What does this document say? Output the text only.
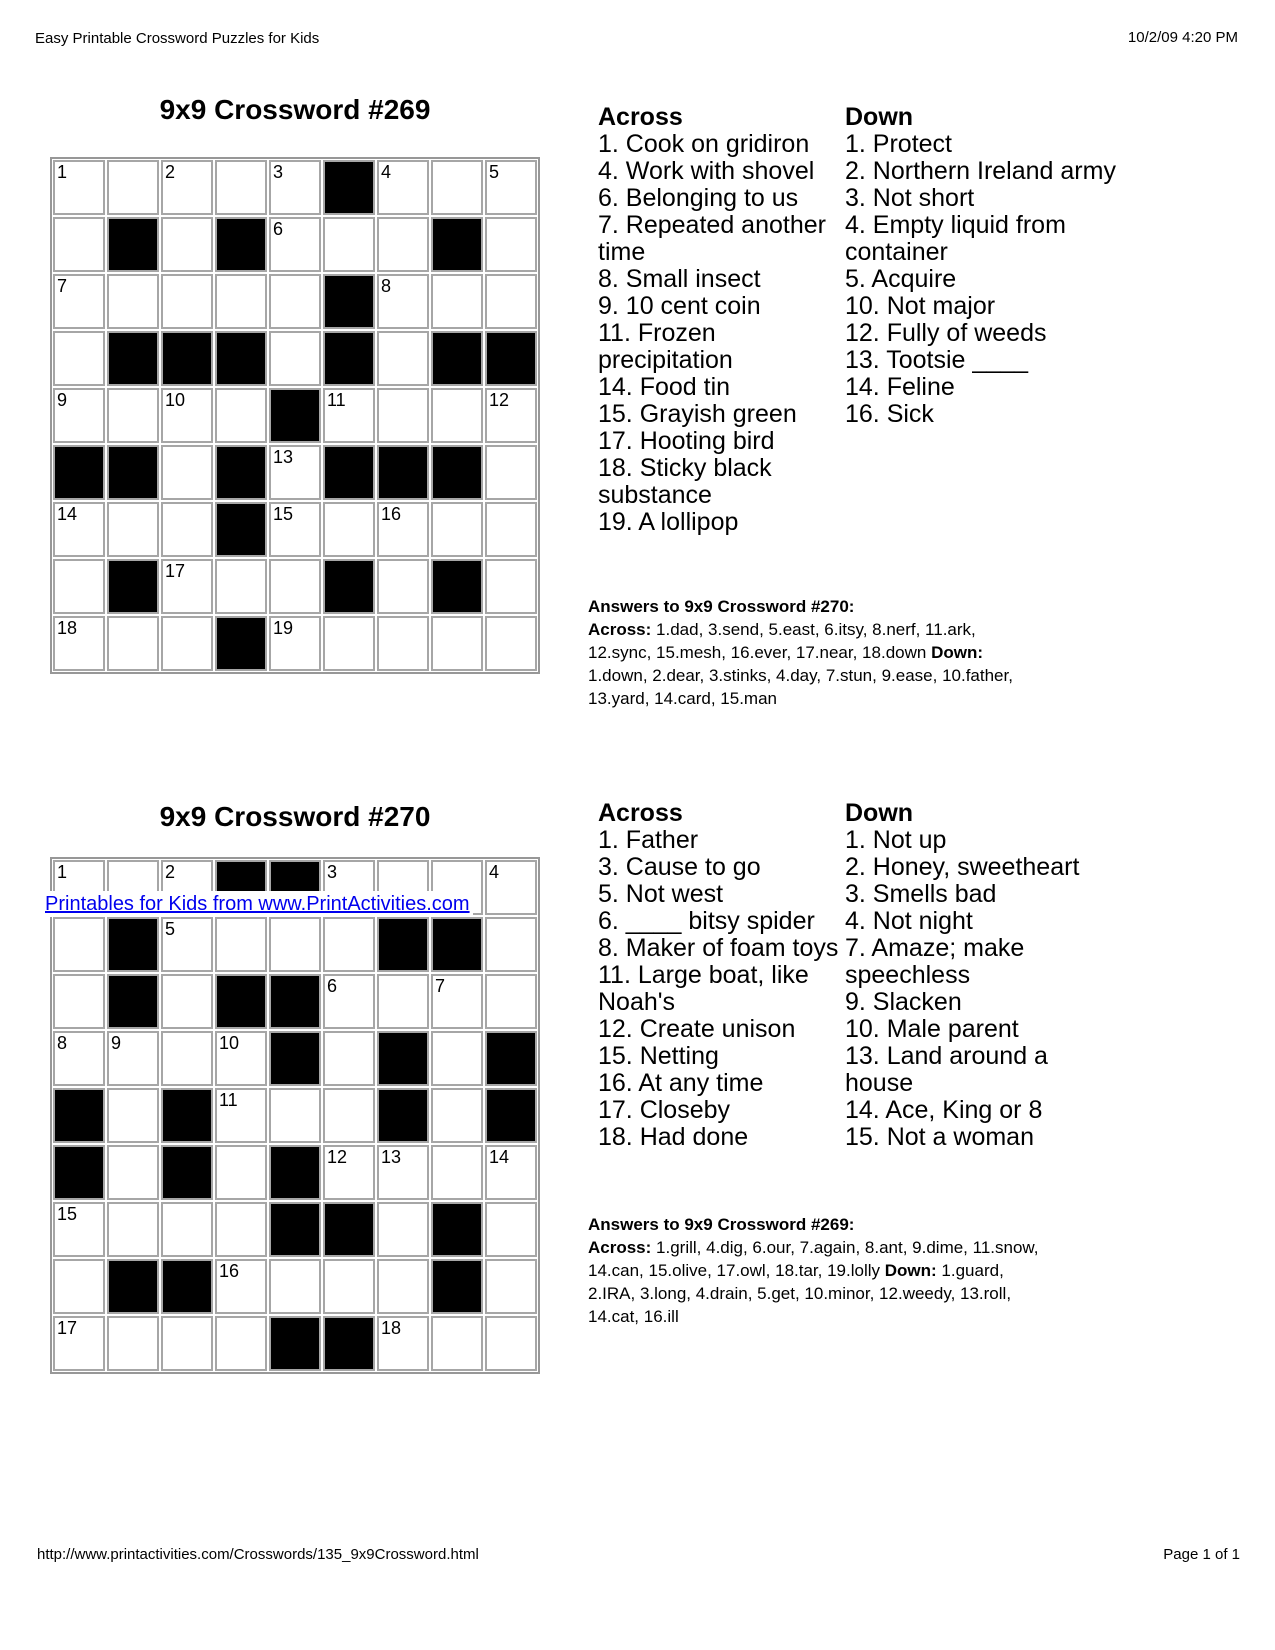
Easy Printable Crossword Puzzles for Kids	10/2/09 4:20 PM
9x9 Crossword #269
1	2	3	4	5
6
7	8
9	10	11	12
13
14	15	16
17
18	19
Across
1. Cook on gridiron
4. Work with shovel
6. Belonging to us
7. Repeated another time
8. Small insect
9. 10 cent coin
11. Frozen precipitation
14. Food tin
15. Grayish green
17. Hooting bird
18. Sticky black substance
19. A lollipop
Down
1. Protect
2. Northern Ireland army
3. Not short
4. Empty liquid from container
5. Acquire
10. Not major
12. Fully of weeds
13. Tootsie ____
14. Feline
16. Sick
Answers to 9x9 Crossword #270:
Across: 1.dad, 3.send, 5.east, 6.itsy, 8.nerf, 11.ark, 12.sync, 15.mesh, 16.ever, 17.near, 18.down Down: 1.down, 2.dear, 3.stinks, 4.day, 7.stun, 9.ease, 10.father, 13.yard, 14.card, 15.man
9x9 Crossword #270
1	2	3	4
5
6	7
8 9	10
11
12 13	14
15
16
17	18
Printables for Kids from www.PrintActivities.com
Across
1. Father
3. Cause to go
5. Not west
6. ____ bitsy spider
8. Maker of foam toys
11. Large boat, like Noah's
12. Create unison
15. Netting
16. At any time
17. Closeby
18. Had done
Down
1. Not up
2. Honey, sweetheart
3. Smells bad
4. Not night
7. Amaze; make speechless
9. Slacken
10. Male parent
13. Land around a house
14. Ace, King or 8
15. Not a woman
Answers to 9x9 Crossword #269:
Across: 1.grill, 4.dig, 6.our, 7.again, 8.ant, 9.dime, 11.snow, 14.can, 15.olive, 17.owl, 18.tar, 19.lolly Down: 1.guard, 2.IRA, 3.long, 4.drain, 5.get, 10.minor, 12.weedy, 13.roll, 14.cat, 16.ill
http://www.printactivities.com/Crosswords/135_9x9Crossword.html	Page 1 of 1
